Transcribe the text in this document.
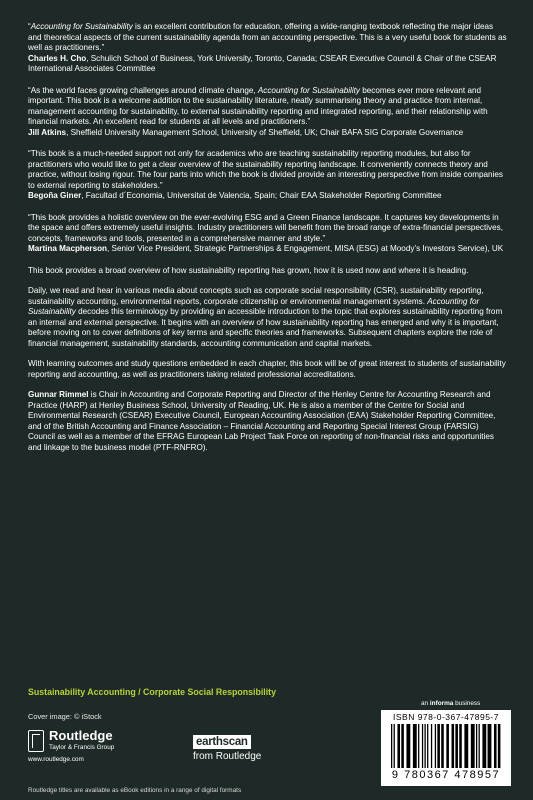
“Accounting for Sustainability is an excellent contribution for education, offering a wide-ranging textbook reflecting the major ideas and theoretical aspects of the current sustainability agenda from an accounting perspective. This is a very useful book for students as well as practitioners.”
Charles H. Cho, Schulich School of Business, York University, Toronto, Canada; CSEAR Executive Council & Chair of the CSEAR International Associates Committee
“As the world faces growing challenges around climate change, Accounting for Sustainability becomes ever more relevant and important. This book is a welcome addition to the sustainability literature, neatly summarising theory and practice from internal, management accounting for sustainability, to external sustainability reporting and integrated reporting, and their relationship with financial markets. An excellent read for students at all levels and practitioners.”
Jill Atkins, Sheffield University Management School, University of Sheffield, UK; Chair BAFA SIG Corporate Governance
“This book is a much-needed support not only for academics who are teaching sustainability reporting modules, but also for practitioners who would like to get a clear overview of the sustainability reporting landscape. It conveniently connects theory and practice, without losing rigour. The four parts into which the book is divided provide an interesting perspective from inside companies to external reporting to stakeholders.”
Begoña Giner, Facultad d´Economia, Universitat de Valencia, Spain; Chair EAA Stakeholder Reporting Committee
“This book provides a holistic overview on the ever-evolving ESG and a Green Finance landscape. It captures key developments in the space and offers extremely useful insights. Industry practitioners will benefit from the broad range of extra-financial perspectives, concepts, frameworks and tools, presented in a comprehensive manner and style.”
Martina Macpherson, Senior Vice President, Strategic Partnerships & Engagement, MISA (ESG) at Moody’s Investors Service), UK

This book provides a broad overview of how sustainability reporting has grown, how it is used now and where it is heading.

Daily, we read and hear in various media about concepts such as corporate social responsibility (CSR), sustainability reporting, sustainability accounting, environmental reports, corporate citizenship or environmental management systems. Accounting for Sustainability decodes this terminology by providing an accessible introduction to the topic that explores sustainability reporting from an internal and external perspective. It begins with an overview of how sustainability reporting has emerged and why it is important, before moving on to cover definitions of key terms and specific theories and frameworks. Subsequent chapters explore the role of financial management, sustainability standards, accounting communication and capital markets.

With learning outcomes and study questions embedded in each chapter, this book will be of great interest to students of sustainability reporting and accounting, as well as practitioners taking related professional accreditations.

Gunnar Rimmel is Chair in Accounting and Corporate Reporting and Director of the Henley Centre for Accounting Research and Practice (HARP) at Henley Business School, University of Reading, UK. He is also a member of the Centre for Social and Environmental Research (CSEAR) Executive Council, European Accounting Association (EAA) Stakeholder Reporting Committee, and of the British Accounting and Finance Association – Financial Accounting and Reporting Special Interest Group (FARSIG) Council as well as a member of the EFRAG European Lab Project Task Force on reporting of non-financial risks and opportunities and linkage to the business model (PTF-RNFRO).

Sustainability Accounting / Corporate Social Responsibility
Cover image: © iStock
Routledge
Taylor & Francis Group
www.routledge.com
earthscan
from Routledge
an informa business
ISBN 978-0-367-47895-7
9 780367 478957
Routledge titles are available as eBook editions in a range of digital formats
